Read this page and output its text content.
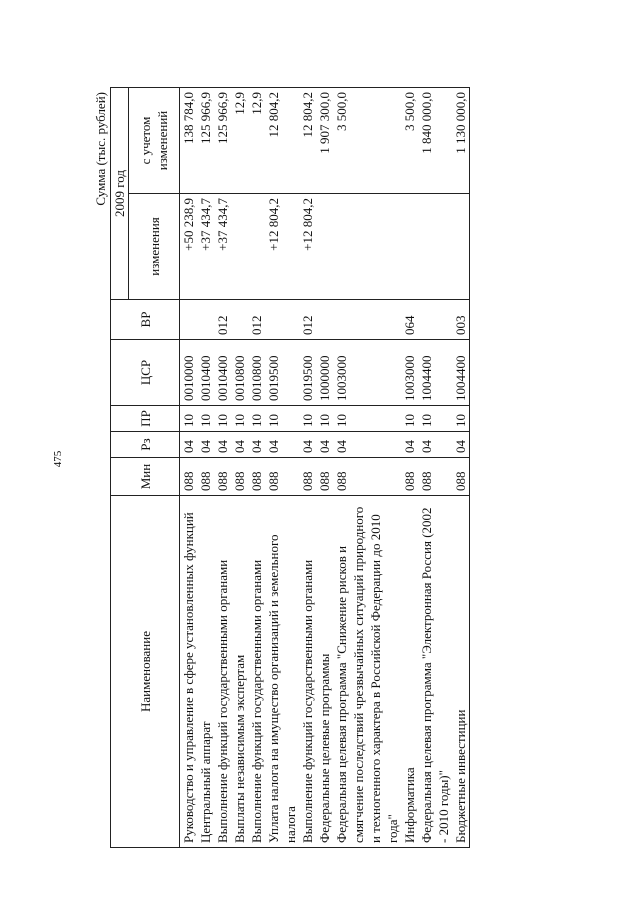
475
Сумма (тыс. рублей)
Наименование	Мин	Рз	ПР	ЦСР	ВР	2009 год	
						изменения	с учетом изменений
Руководство и управление в сфере установленных функций	088	04	10	0010000		+50 238,9	138 784,0
Центральный аппарат	088	04	10	0010400		+37 434,7	125 966,9
Выполнение функций государственными органами	088	04	10	0010400	012	+37 434,7	125 966,9
Выплаты независимым экспертам	088	04	10	0010800			12,9
Выполнение функций государственными органами	088	04	10	0010800	012		12,9
Уплата налога на имущество организаций и земельного налога	088	04	10	0019500		+12 804,2	12 804,2
Выполнение функций государственными органами	088	04	10	0019500	012	+12 804,2	12 804,2
Федеральные целевые программы	088	04	10	1000000			1 907 300,0
Федеральная целевая программа "Снижение рисков и смягчение последствий чрезвычайных ситуаций природного и техногенного характера в Российской Федерации до 2010 года"	088	04	10	1003000			3 500,0
Информатика	088	04	10	1003000	064		3 500,0
Федеральная целевая программа "Электронная Россия (2002 - 2010 годы)"	088	04	10	1004400			1 840 000,0
Бюджетные инвестиции	088	04	10	1004400	003		1 130 000,0
